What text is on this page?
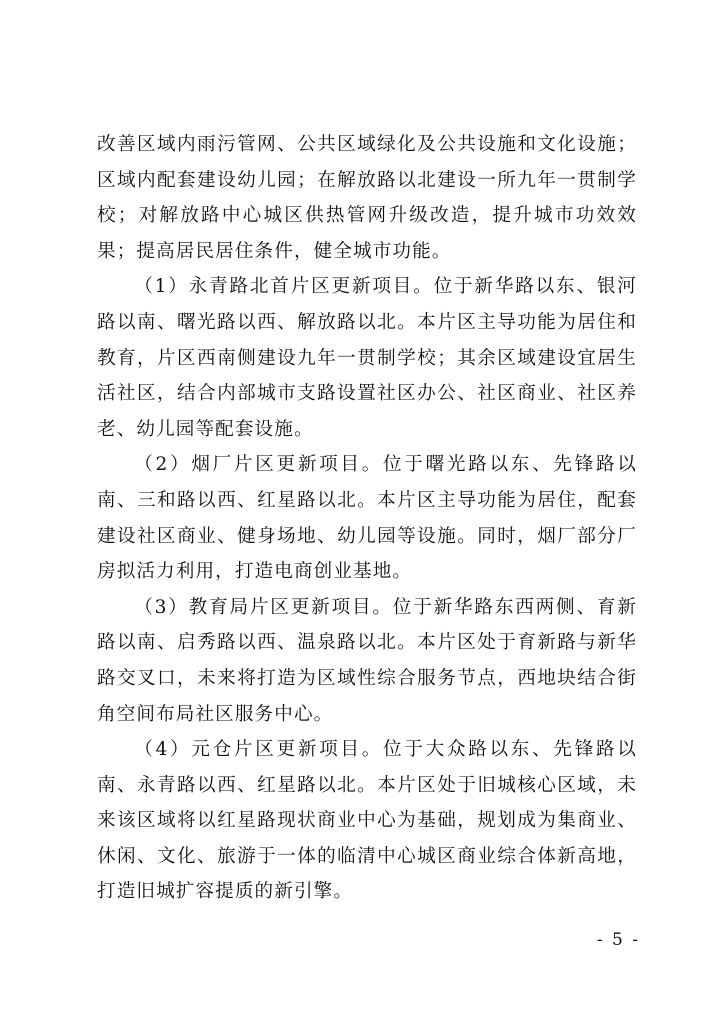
改善区域内雨污管网、公共区域绿化及公共设施和文化设施；区域内配套建设幼儿园；在解放路以北建设一所九年一贯制学校；对解放路中心城区供热管网升级改造，提升城市功效效果；提高居民居住条件，健全城市功能。

（1）永青路北首片区更新项目。位于新华路以东、银河路以南、曙光路以西、解放路以北。本片区主导功能为居住和教育，片区西南侧建设九年一贯制学校；其余区域建设宜居生活社区，结合内部城市支路设置社区办公、社区商业、社区养老、幼儿园等配套设施。

（2）烟厂片区更新项目。位于曙光路以东、先锋路以南、三和路以西、红星路以北。本片区主导功能为居住，配套建设社区商业、健身场地、幼儿园等设施。同时，烟厂部分厂房拟活力利用，打造电商创业基地。

（3）教育局片区更新项目。位于新华路东西两侧、育新路以南、启秀路以西、温泉路以北。本片区处于育新路与新华路交叉口，未来将打造为区域性综合服务节点，西地块结合街角空间布局社区服务中心。

（4）元仓片区更新项目。位于大众路以东、先锋路以南、永青路以西、红星路以北。本片区处于旧城核心区域，未来该区域将以红星路现状商业中心为基础，规划成为集商业、休闲、文化、旅游于一体的临清中心城区商业综合体新高地，打造旧城扩容提质的新引擎。

- 5 -
